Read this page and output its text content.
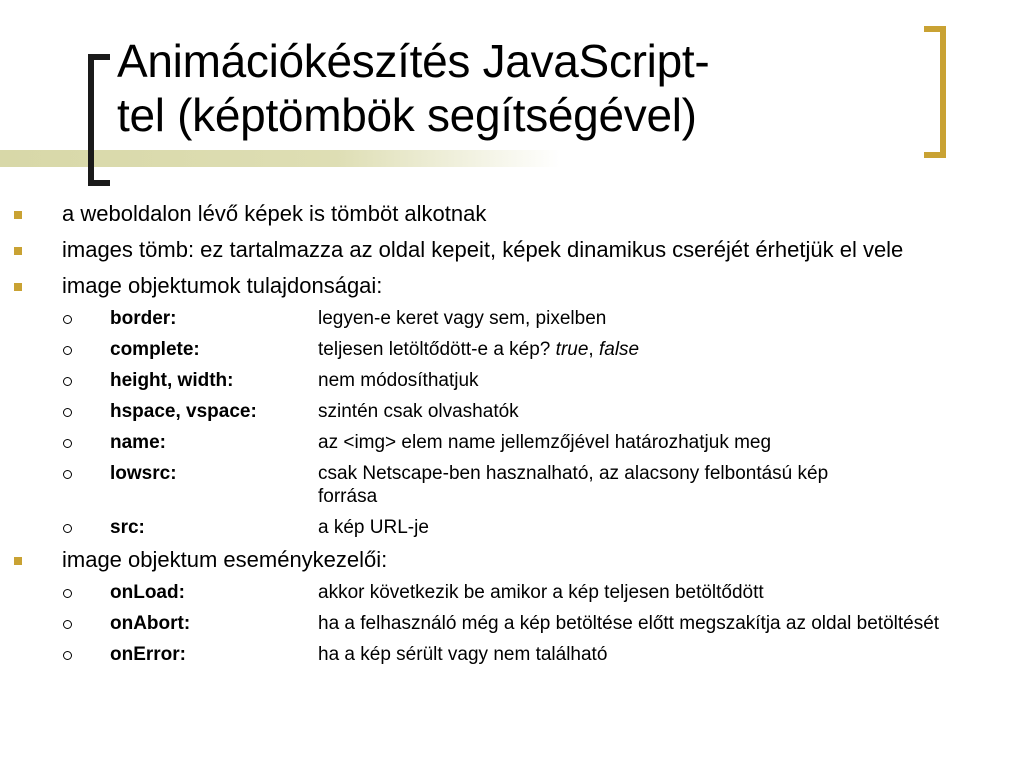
Animációkészítés JavaScript-
tel (képtömbök segítségével)
a weboldalon lévő képek is tömböt alkotnak
images tömb: ez tartalmazza az oldal kepeit, képek dinamikus cseréjét érhetjük el vele
image objektumok tulajdonságai:
border:	legyen-e keret vagy sem, pixelben
complete:	teljesen letöltődött-e a kép? true, false
height, width:	nem módosíthatjuk
hspace, vspace:	szintén csak olvashatók
name:	az <img> elem name jellemzőjével határozhatjuk meg
lowsrc:	csak Netscape-ben hasznalható, az alacsony felbontású kép forrása
src:	a kép URL-je
image objektum eseménykezelői:
onLoad:	akkor következik be amikor a kép teljesen betöltődött
onAbort:	ha a felhasználó még a kép betöltése előtt megszakítja az oldal betöltését
onError:	ha a kép sérült vagy nem található
